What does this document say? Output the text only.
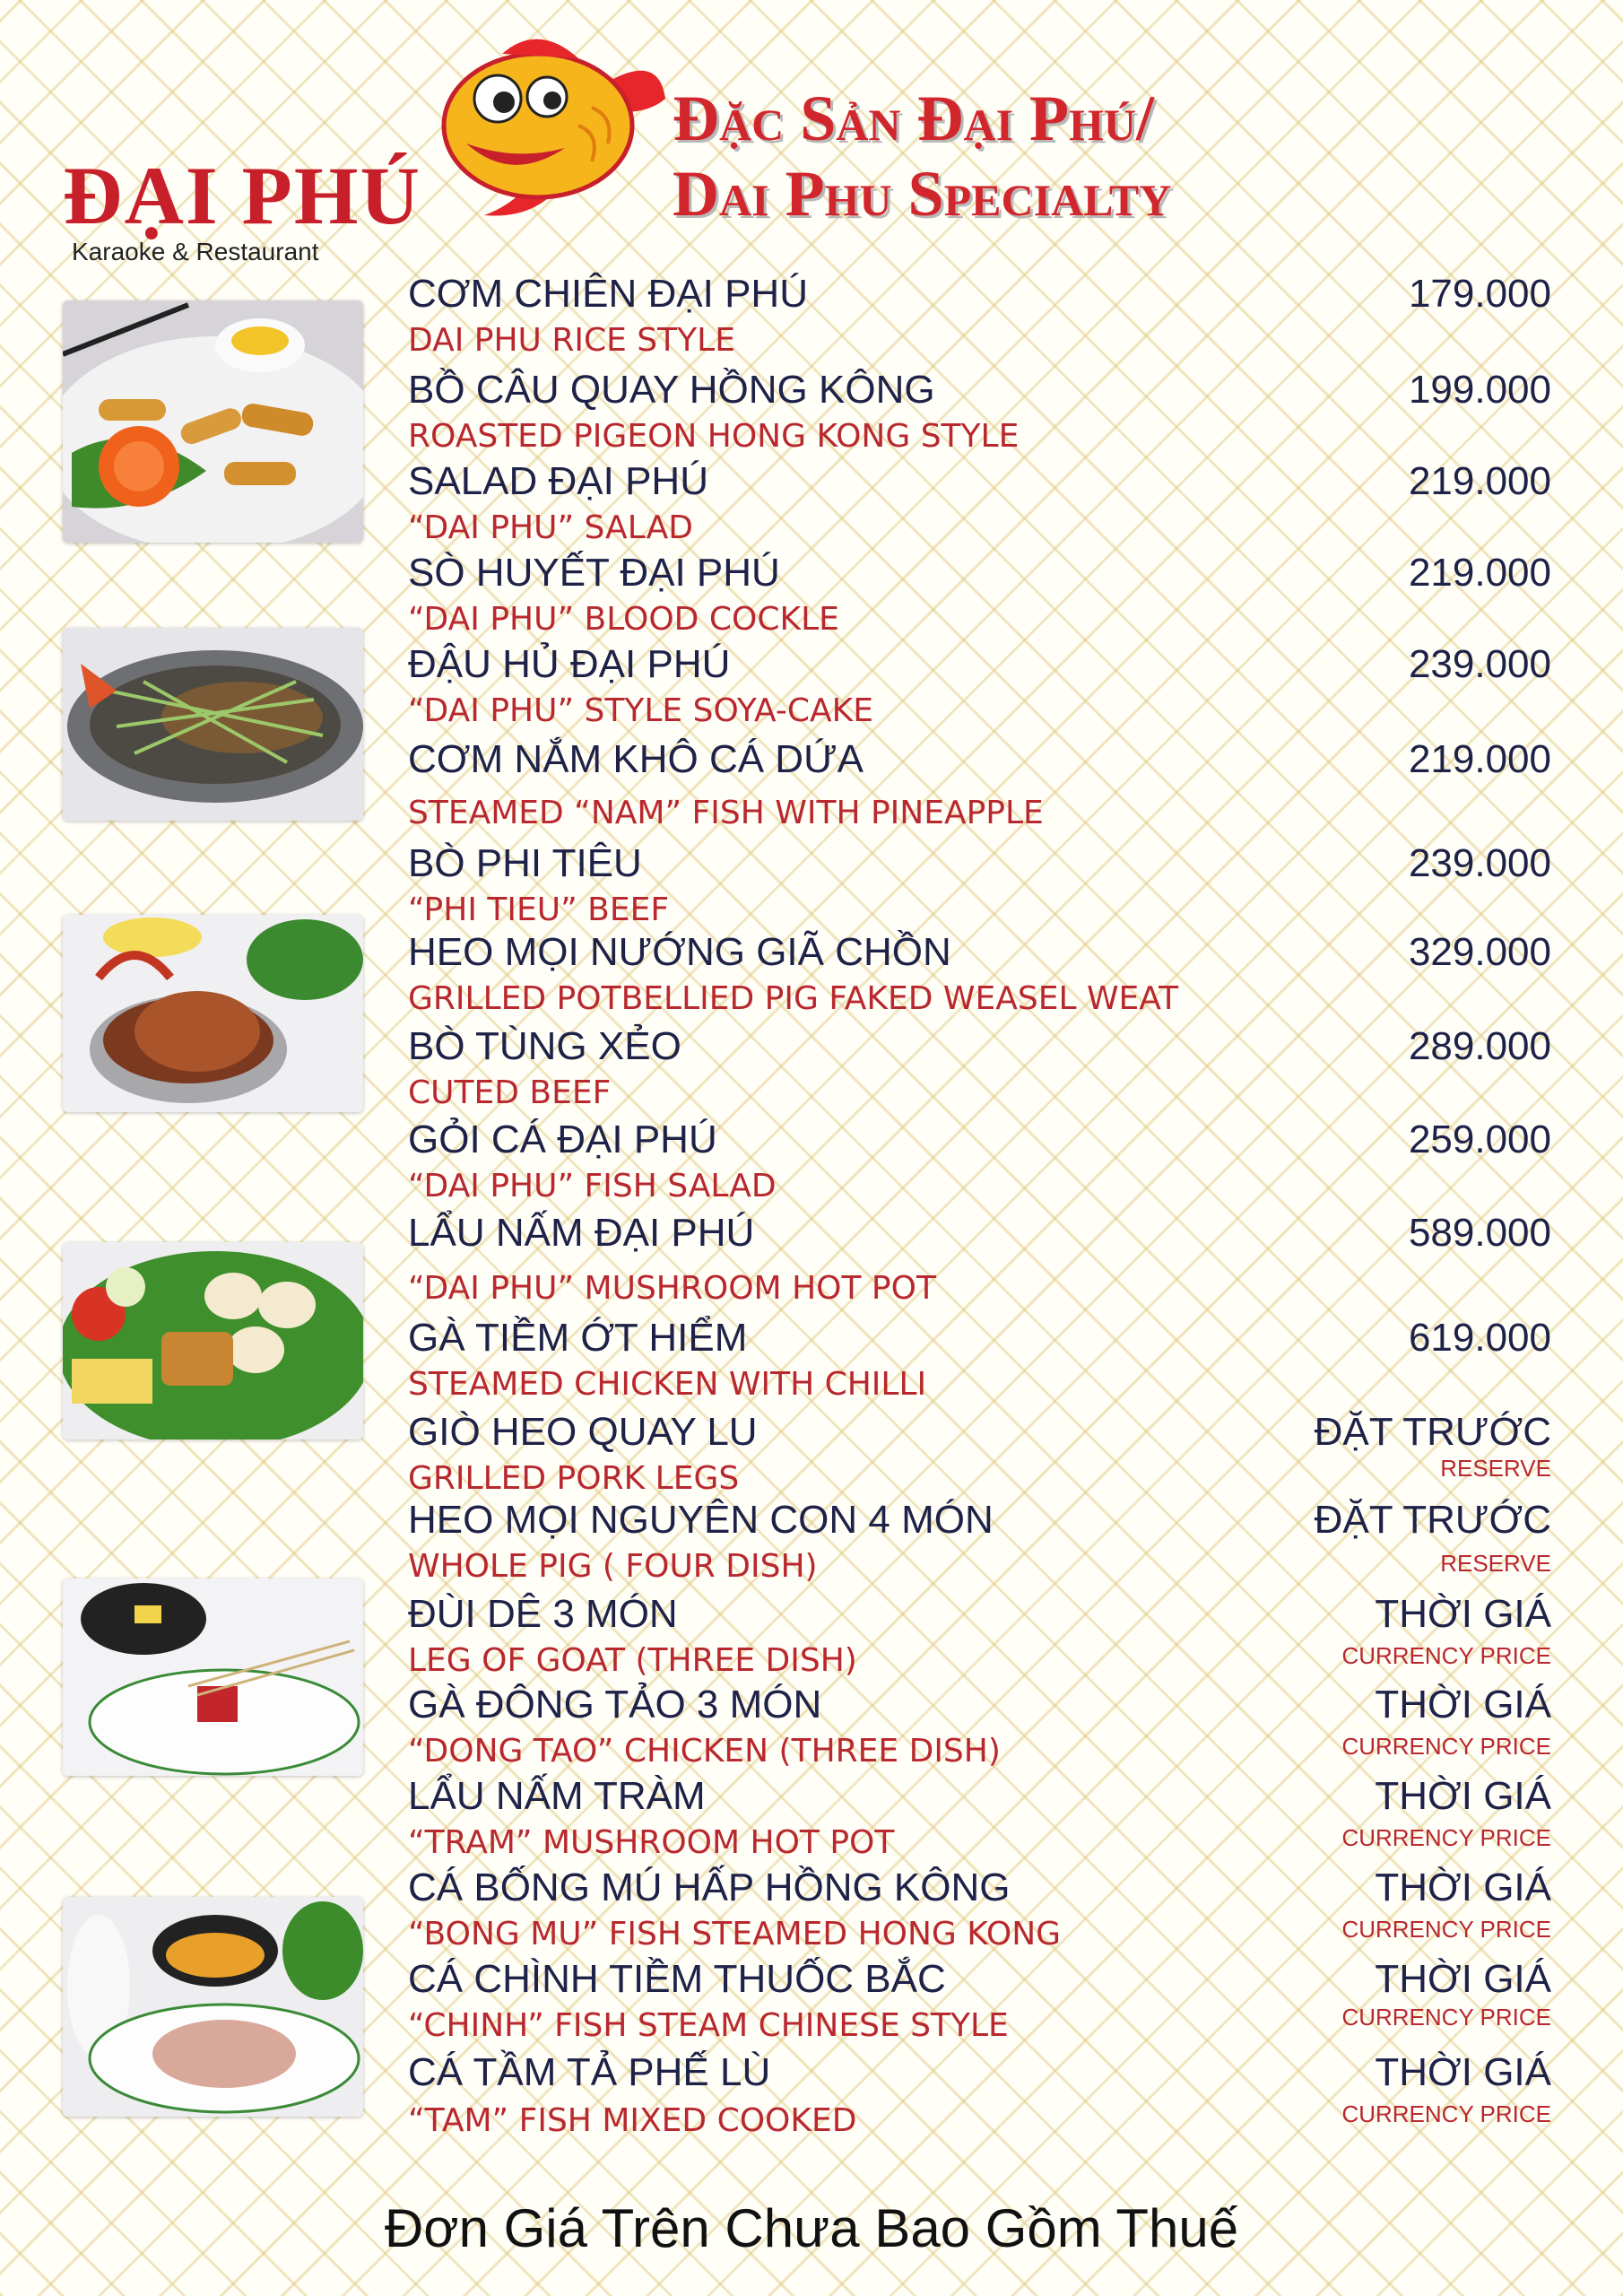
ĐẠI PHÚ
Karaoke & Restaurant
Đặc Sản Đại Phú/
Dai Phu Specialty
CƠM CHIÊN ĐẠI PHÚ
DAI PHU RICE STYLE
179.000
BỒ CÂU QUAY HỒNG KÔNG
ROASTED PIGEON HONG KONG STYLE
199.000
SALAD ĐẠI PHÚ
“DAI PHU” SALAD
219.000
SÒ HUYẾT ĐẠI PHÚ
“DAI PHU” BLOOD COCKLE
219.000
ĐẬU HỦ ĐẠI PHÚ
“DAI PHU” STYLE SOYA-CAKE
239.000
CƠM NẮM KHÔ CÁ DỨA
STEAMED “NAM” FISH WITH PINEAPPLE
219.000
BÒ PHI TIÊU
“PHI TIEU” BEEF
239.000
HEO MỌI NƯỚNG GIÃ CHỒN
GRILLED POTBELLIED PIG FAKED WEASEL WEAT
329.000
BÒ TÙNG XẺO
CUTED BEEF
289.000
GỎI CÁ ĐẠI PHÚ
“DAI PHU” FISH SALAD
259.000
LẨU NẤM ĐẠI PHÚ
“DAI PHU” MUSHROOM HOT POT
589.000
GÀ TIỀM ỚT HIỂM
STEAMED CHICKEN WITH CHILLI
619.000
GIÒ HEO QUAY LU
GRILLED PORK LEGS
ĐẶT TRƯỚC
RESERVE
HEO MỌI NGUYÊN CON 4 MÓN
WHOLE PIG ( FOUR DISH)
ĐẶT TRƯỚC
RESERVE
ĐÙI DÊ 3 MÓN
LEG OF GOAT (THREE DISH)
THỜI GIÁ
CURRENCY PRICE
GÀ ĐÔNG TẢO 3 MÓN
“DONG TAO” CHICKEN (THREE DISH)
THỜI GIÁ
CURRENCY PRICE
LẨU NẤM TRÀM
“TRAM” MUSHROOM HOT POT
THỜI GIÁ
CURRENCY PRICE
CÁ BỐNG MÚ HẤP HỒNG KÔNG
“BONG MU” FISH STEAMED HONG KONG
THỜI GIÁ
CURRENCY PRICE
CÁ CHÌNH TIỀM THUỐC BẮC
“CHINH” FISH STEAM CHINESE STYLE
THỜI GIÁ
CURRENCY PRICE
CÁ TẦM TẢ PHẾ LÙ
“TAM” FISH MIXED COOKED
THỜI GIÁ
CURRENCY PRICE
Đơn Giá Trên Chưa Bao Gồm Thuế
